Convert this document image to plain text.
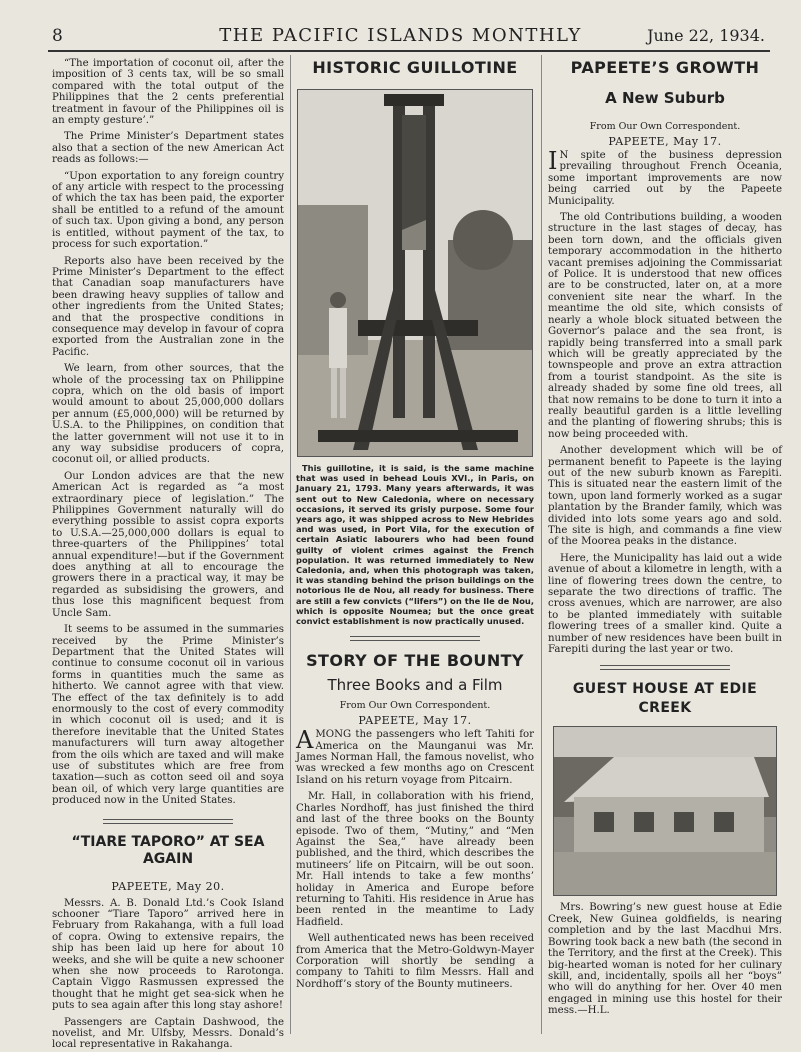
8	THE PACIFIC ISLANDS MONTHLY	June 22, 1934.

“The importation of coconut oil, after the imposition of 3 cents tax, will be so small compared with the total output of the Philippines that the 2 cents preferential treatment in favour of the Philippines oil is an empty gesture’.”

The Prime Minister’s Department states also that a section of the new American Act reads as follows:—

“Upon exportation to any foreign country of any article with respect to the processing of which the tax has been paid, the exporter shall be entitled to a refund of the amount of such tax. Upon giving a bond, any person is entitled, without payment of the tax, to process for such exportation.”

Reports also have been received by the Prime Minister’s Department to the effect that Canadian soap manufacturers have been drawing heavy supplies of tallow and other ingredients from the United States; and that the prospective conditions in consequence may develop in favour of copra exported from the Australian zone in the Pacific.

We learn, from other sources, that the whole of the processing tax on Philippine copra, which on the old basis of import would amount to about 25,000,000 dollars per annum (£5,000,000) will be returned by U.S.A. to the Philippines, on condition that the latter government will not use it to in any way subsidise producers of copra, coconut oil, or allied products.

Our London advices are that the new American Act is regarded as “a most extraordinary piece of legislation.” The Philippines Government naturally will do everything possible to assist copra exports to U.S.A.—25,000,000 dollars is equal to three-quarters of the Philippines’ total annual expenditure!—but if the Government does anything at all to encourage the growers there in a practical way, it may be regarded as subsidising the growers, and thus lose this magnificent bequest from Uncle Sam.

It seems to be assumed in the summaries received by the Prime Minister’s Department that the United States will continue to consume coconut oil in various forms in quantities much the same as hitherto. We cannot agree with that view. The effect of the tax definitely is to add enormously to the cost of every commodity in which coconut oil is used; and it is therefore inevitable that the United States manufacturers will turn away altogether from the oils which are taxed and will make use of substitutes which are free from taxation—such as cotton seed oil and soya bean oil, of which very large quantities are produced now in the United States.

“TIARE TAPORO” AT SEA AGAIN
PAPEETE, May 20.

Messrs. A. B. Donald Ltd.’s Cook Island schooner “Tiare Taporo” arrived here in February from Rakahanga, with a full load of copra. Owing to extensive repairs, the ship has been laid up here for about 10 weeks, and she will be quite a new schooner when she now proceeds to Rarotonga. Captain Viggo Rasmussen expressed the thought that he might get sea-sick when he puts to sea again after this long stay ashore!

Passengers are Captain Dashwood, the novelist, and Mr. Ulfsby, Messrs. Donald’s local representative in Rakahanga.

HISTORIC GUILLOTINE

This guillotine, it is said, is the same machine that was used in behead Louis XVI., in Paris, on January 21, 1793. Many years afterwards, it was sent out to New Caledonia, where on necessary occasions, it served its grisly purpose. Some four years ago, it was shipped across to New Hebrides and was used, in Port Vila, for the execution of certain Asiatic labourers who had been found guilty of violent crimes against the French population. It was returned immediately to New Caledonia, and, when this photograph was taken, it was standing behind the prison buildings on the notorious Ile de Nou, all ready for business. There are still a few convicts (“lifers”) on the Ile de Nou, which is opposite Noumea; but the once great convict establishment is now practically unused.

STORY OF THE BOUNTY
Three Books and a Film
From Our Own Correspondent.
PAPEETE, May 17.

AMONG the passengers who left Tahiti for America on the Maunganui was Mr. James Norman Hall, the famous novelist, who was wrecked a few months ago on Crescent Island on his return voyage from Pitcairn.

Mr. Hall, in collaboration with his friend, Charles Nordhoff, has just finished the third and last of the three books on the Bounty episode. Two of them, “Mutiny,” and “Men Against the Sea,” have already been published, and the third, which describes the mutineers’ life on Pitcairn, will be out soon. Mr. Hall intends to take a few months’ holiday in America and Europe before returning to Tahiti. His residence in Arue has been rented in the meantime to Lady Hadfield.

Well authenticated news has been received from America that the Metro-Goldwyn-Mayer Corporation will shortly be sending a company to Tahiti to film Messrs. Hall and Nordhoff’s story of the Bounty mutineers.

PAPEETE’S GROWTH
A New Suburb
From Our Own Correspondent.
PAPEETE, May 17.

I N spite of the business depression prevailing throughout French Oceania, some important improvements are now being carried out by the Papeete Municipality.

The old Contributions building, a wooden structure in the last stages of decay, has been torn down, and the officials given temporary accommodation in the hitherto vacant premises adjoining the Commissariat of Police. It is understood that new offices are to be constructed, later on, at a more convenient site near the wharf. In the meantime the old site, which consists of nearly a whole block situated between the Governor’s palace and the sea front, is rapidly being transferred into a small park which will be greatly appreciated by the townspeople and prove an extra attraction from a tourist standpoint. As the site is already shaded by some fine old trees, all that now remains to be done to turn it into a really beautiful garden is a little levelling and the planting of flowering shrubs; this is now being proceeded with.

Another development which will be of permanent benefit to Papeete is the laying out of the new suburb known as Farepiti. This is situated near the eastern limit of the town, upon land formerly worked as a sugar plantation by the Brander family, which was divided into lots some years ago and sold. The site is high, and commands a fine view of the Moorea peaks in the distance.

Here, the Municipality has laid out a wide avenue of about a kilometre in length, with a line of flowering trees down the centre, to separate the two directions of traffic. The cross avenues, which are narrower, are also to be planted immediately with suitable flowering trees of a smaller kind. Quite a number of new residences have been built in Farepiti during the last year or two.

GUEST HOUSE AT EDIE CREEK

Mrs. Bowring’s new guest house at Edie Creek, New Guinea goldfields, is nearing completion and by the last Macdhui Mrs. Bowring took back a new bath (the second in the Territory, and the first at the Creek). This big-hearted woman is noted for her culinary skill, and, incidentally, spoils all her “boys” who will do anything for her. Over 40 men engaged in mining use this hostel for their mess.—H.L.
